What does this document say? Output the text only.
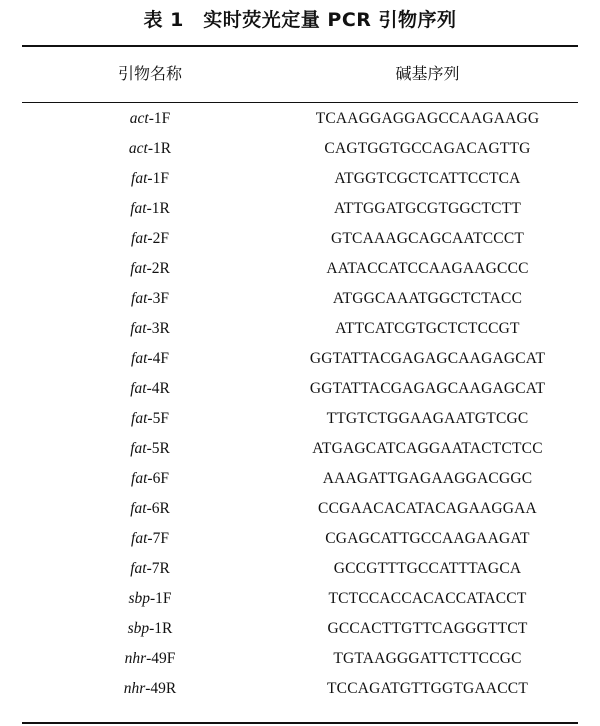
表 1　实时荧光定量 PCR 引物序列
引物名称	碱基序列
act-1F	TCAAGGAGGAGCCAAGAAGG
act-1R	CAGTGGTGCCAGACAGTTG
fat-1F	ATGGTCGCTCATTCCTCA
fat-1R	ATTGGATGCGTGGCTCTT
fat-2F	GTCAAAGCAGCAATCCCT
fat-2R	AATACCATCCAAGAAGCCC
fat-3F	ATGGCAAATGGCTCTACC
fat-3R	ATTCATCGTGCTCTCCGT
fat-4F	GGTATTACGAGAGCAAGAGCAT
fat-4R	GGTATTACGAGAGCAAGAGCAT
fat-5F	TTGTCTGGAAGAATGTCGC
fat-5R	ATGAGCATCAGGAATACTCTCC
fat-6F	AAAGATTGAGAAGGACGGC
fat-6R	CCGAACACATACAGAAGGAA
fat-7F	CGAGCATTGCCAAGAAGAT
fat-7R	GCCGTTTGCCATTTAGCA
sbp-1F	TCTCCACCACACCATACCT
sbp-1R	GCCACTTGTTCAGGGTTCT
nhr-49F	TGTAAGGGATTCTTCCGC
nhr-49R	TCCAGATGTTGGTGAACCT
